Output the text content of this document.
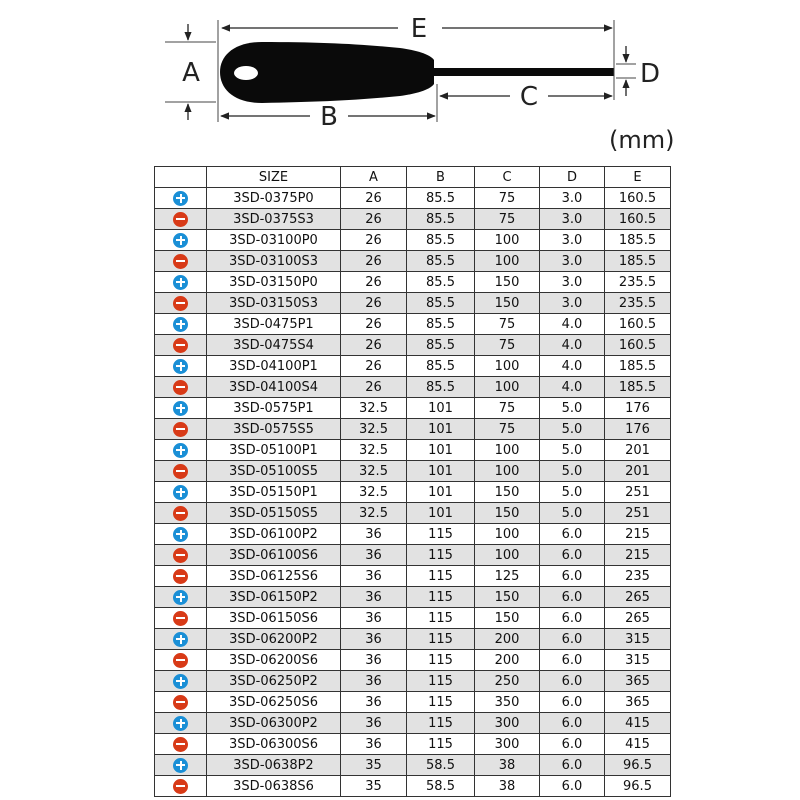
E
A
B
C
D
(mm)
	SIZE	A	B	C	D	E
	3SD-0375P0	26	85.5	75	3.0	160.5
	3SD-0375S3	26	85.5	75	3.0	160.5
	3SD-03100P0	26	85.5	100	3.0	185.5
	3SD-03100S3	26	85.5	100	3.0	185.5
	3SD-03150P0	26	85.5	150	3.0	235.5
	3SD-03150S3	26	85.5	150	3.0	235.5
	3SD-0475P1	26	85.5	75	4.0	160.5
	3SD-0475S4	26	85.5	75	4.0	160.5
	3SD-04100P1	26	85.5	100	4.0	185.5
	3SD-04100S4	26	85.5	100	4.0	185.5
	3SD-0575P1	32.5	101	75	5.0	176
	3SD-0575S5	32.5	101	75	5.0	176
	3SD-05100P1	32.5	101	100	5.0	201
	3SD-05100S5	32.5	101	100	5.0	201
	3SD-05150P1	32.5	101	150	5.0	251
	3SD-05150S5	32.5	101	150	5.0	251
	3SD-06100P2	36	115	100	6.0	215
	3SD-06100S6	36	115	100	6.0	215
	3SD-06125S6	36	115	125	6.0	235
	3SD-06150P2	36	115	150	6.0	265
	3SD-06150S6	36	115	150	6.0	265
	3SD-06200P2	36	115	200	6.0	315
	3SD-06200S6	36	115	200	6.0	315
	3SD-06250P2	36	115	250	6.0	365
	3SD-06250S6	36	115	350	6.0	365
	3SD-06300P2	36	115	300	6.0	415
	3SD-06300S6	36	115	300	6.0	415
	3SD-0638P2	35	58.5	38	6.0	96.5
	3SD-0638S6	35	58.5	38	6.0	96.5
